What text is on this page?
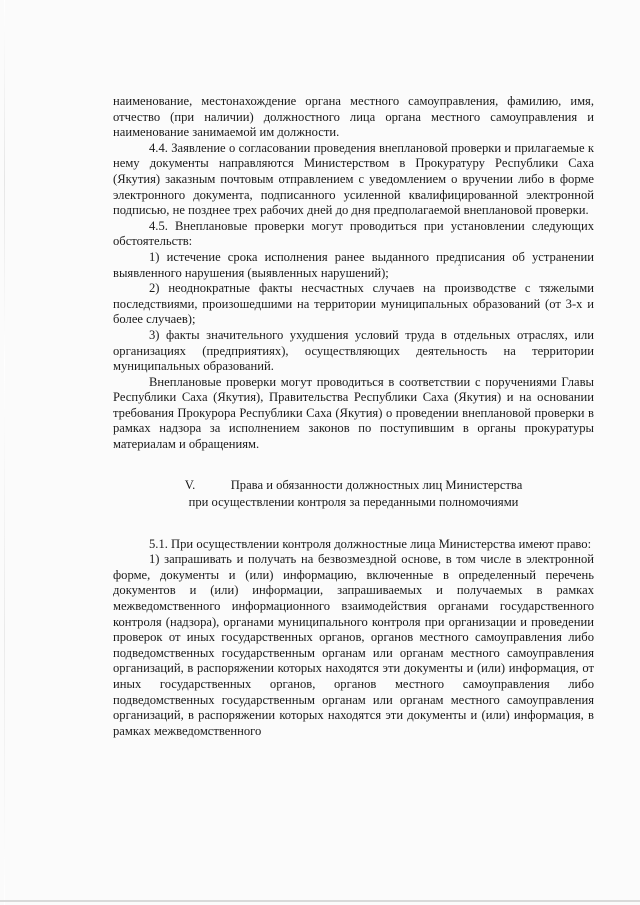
наименование, местонахождение органа местного самоуправления, фамилию, имя, отчество (при наличии) должностного лица органа местного самоуправления и наименование занимаемой им должности.

4.4. Заявление о согласовании проведения внеплановой проверки и прилагаемые к нему документы направляются Министерством в Прокуратуру Республики Саха (Якутия) заказным почтовым отправлением с уведомлением о вручении либо в форме электронного документа, подписанного усиленной квалифицированной электронной подписью, не позднее трех рабочих дней до дня предполагаемой внеплановой проверки.

4.5. Внеплановые проверки могут проводиться при установлении следующих обстоятельств:

1) истечение срока исполнения ранее выданного предписания об устранении выявленного нарушения (выявленных нарушений);

2) неоднократные факты несчастных случаев на производстве с тяжелыми последствиями, произошедшими на территории муниципальных образований (от 3-х и более случаев);

3) факты значительного ухудшения условий труда в отдельных отраслях, или организациях (предприятиях), осуществляющих деятельность на территории муниципальных образований.

Внеплановые проверки могут проводиться в соответствии с поручениями Главы Республики Саха (Якутия), Правительства Республики Саха (Якутия) и на основании требования Прокурора Республики Саха (Якутия) о проведении внеплановой проверки в рамках надзора за исполнением законов по поступившим в органы прокуратуры материалам и обращениям.

V.	Права и обязанности должностных лиц Министерства
при осуществлении контроля за переданными полномочиями

5.1. При осуществлении контроля должностные лица Министерства имеют право:

1) запрашивать и получать на безвозмездной основе, в том числе в электронной форме, документы и (или) информацию, включенные в определенный перечень документов и (или) информации, запрашиваемых и получаемых в рамках межведомственного информационного взаимодействия органами государственного контроля (надзора), органами муниципального контроля при организации и проведении проверок от иных государственных органов, органов местного самоуправления либо подведомственных государственным органам или органам местного самоуправления организаций, в распоряжении которых находятся эти документы и (или) информация, от иных государственных органов, органов местного самоуправления либо подведомственных государственным органам или органам местного самоуправления организаций, в распоряжении которых находятся эти документы и (или) информация, в рамках межведомственного

ˆ
